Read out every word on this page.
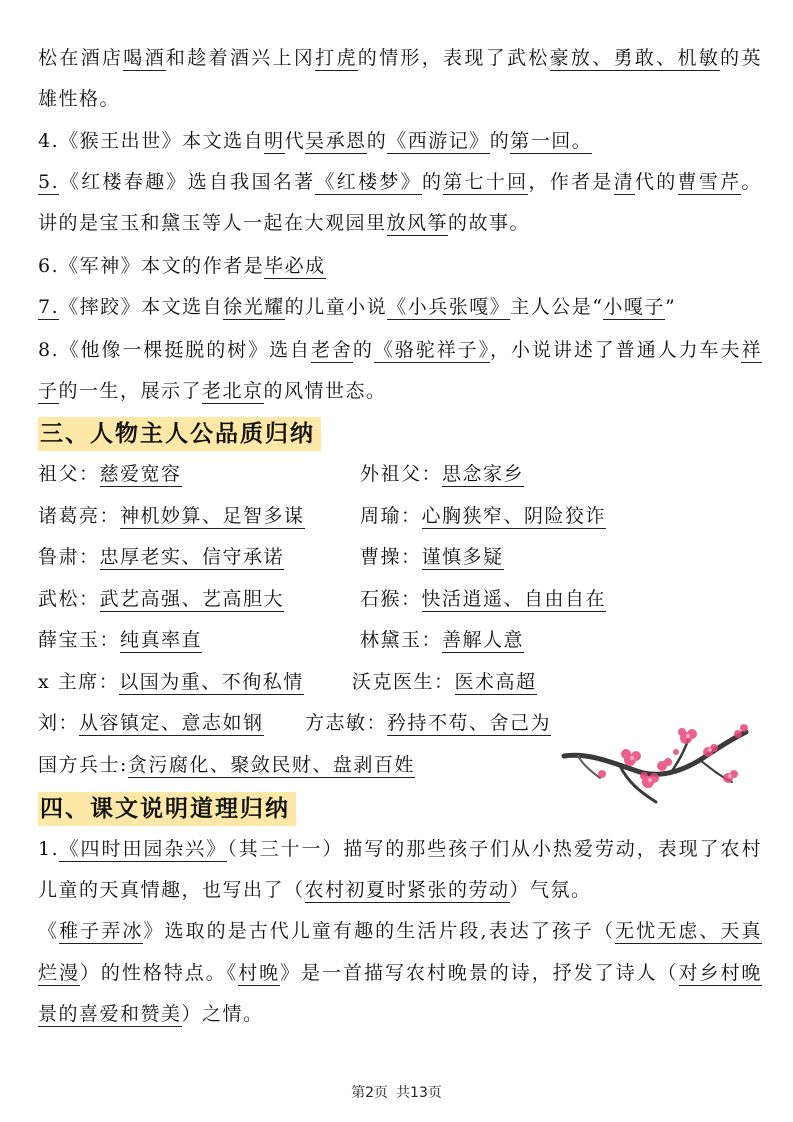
松在酒店喝酒和趁着酒兴上冈打虎的情形，表现了武松豪放、勇敢、机敏的英
雄性格。
4.《猴王出世》本文选自明代吴承恩的《西游记》的第一回。
5.《红楼春趣》选自我国名著《红楼梦》的第七十回，作者是清代的曹雪芹。
讲的是宝玉和黛玉等人一起在大观园里放风筝的故事。
6.《军神》本文的作者是毕必成
7.《摔跤》本文选自徐光耀的儿童小说《小兵张嘎》主人公是“小嘎子”
8.《他像一棵挺脱的树》选自老舍的《骆驼祥子》，小说讲述了普通人力车夫祥
子的一生，展示了老北京的风情世态。
三、人物主人公品质归纳
祖父：慈爱宽容	外祖父：思念家乡
诸葛亮：神机妙算、足智多谋	周瑜：心胸狭窄、阴险狡诈
鲁肃：忠厚老实、信守承诺	曹操：谨慎多疑
武松：武艺高强、艺高胆大	石猴：快活逍遥、自由自在
薛宝玉：纯真率直	林黛玉：善解人意
x 主席：以国为重、不徇私情	沃克医生：医术高超
刘：从容镇定、意志如钢 方志敏：矜持不苟、舍己为
国方兵士:贪污腐化、聚敛民财、盘剥百姓
四、课文说明道理归纳
1.《四时田园杂兴》（其三十一）描写的那些孩子们从小热爱劳动，表现了农村
儿童的天真情趣，也写出了（农村初夏时紧张的劳动）气氛。
《稚子弄冰》选取的是古代儿童有趣的生活片段,表达了孩子（无忧无虑、天真
烂漫）的性格特点。《村晚》是一首描写农村晚景的诗，抒发了诗人（对乡村晚
景的喜爱和赞美）之情。
第2页 共13页
